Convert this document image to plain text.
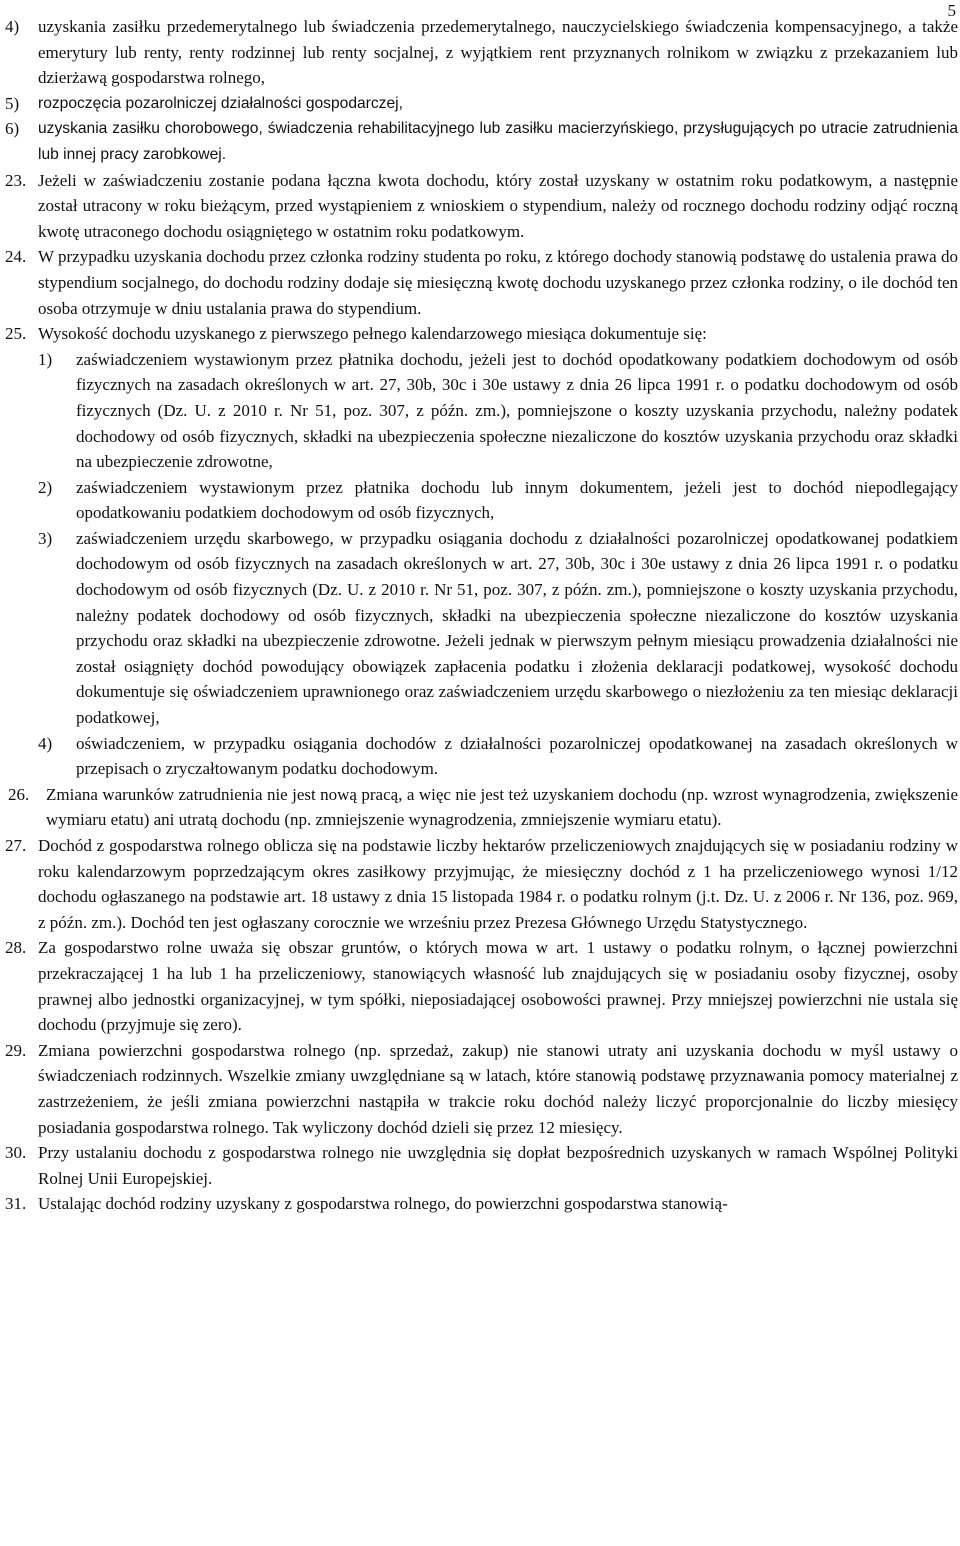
5
4) uzyskania zasiłku przedemerytalnego lub świadczenia przedemerytalnego, nauczycielskiego świadczenia kompensacyjnego, a także emerytury lub renty, renty rodzinnej lub renty socjalnej, z wyjątkiem rent przyznanych rolnikom w związku z przekazaniem lub dzierżawą gospodarstwa rolnego,
5) rozpoczęcia pozarolniczej działalności gospodarczej,
6) uzyskania zasiłku chorobowego, świadczenia rehabilitacyjnego lub zasiłku macierzyńskiego, przysługujących po utracie zatrudnienia lub innej pracy zarobkowej.
23. Jeżeli w zaświadczeniu zostanie podana łączna kwota dochodu, który został uzyskany w ostatnim roku podatkowym, a następnie został utracony w roku bieżącym, przed wystąpieniem z wnioskiem o stypendium, należy od rocznego dochodu rodziny odjąć roczną kwotę utraconego dochodu osiągniętego w ostatnim roku podatkowym.
24. W przypadku uzyskania dochodu przez członka rodziny studenta po roku, z którego dochody stanowią podstawę do ustalenia prawa do stypendium socjalnego, do dochodu rodziny dodaje się miesięczną kwotę dochodu uzyskanego przez członka rodziny, o ile dochód ten osoba otrzymuje w dniu ustalania prawa do stypendium.
25. Wysokość dochodu uzyskanego z pierwszego pełnego kalendarzowego miesiąca dokumentuje się:
1) zaświadczeniem wystawionym przez płatnika dochodu, jeżeli jest to dochód opodatkowany podatkiem dochodowym od osób fizycznych na zasadach określonych w art. 27, 30b, 30c i 30e ustawy z dnia 26 lipca 1991 r. o podatku dochodowym od osób fizycznych (Dz. U. z 2010 r. Nr 51, poz. 307, z późn. zm.), pomniejszone o koszty uzyskania przychodu, należny podatek dochodowy od osób fizycznych, składki na ubezpieczenia społeczne niezaliczone do kosztów uzyskania przychodu oraz składki na ubezpieczenie zdrowotne,
2) zaświadczeniem wystawionym przez płatnika dochodu lub innym dokumentem, jeżeli jest to dochód niepodlegający opodatkowaniu podatkiem dochodowym od osób fizycznych,
3) zaświadczeniem urzędu skarbowego, w przypadku osiągania dochodu z działalności pozarolniczej opodatkowanej podatkiem dochodowym od osób fizycznych na zasadach określonych w art. 27, 30b, 30c i 30e ustawy z dnia 26 lipca 1991 r. o podatku dochodowym od osób fizycznych (Dz. U. z 2010 r. Nr 51, poz. 307, z późn. zm.), pomniejszone o koszty uzyskania przychodu, należny podatek dochodowy od osób fizycznych, składki na ubezpieczenia społeczne niezaliczone do kosztów uzyskania przychodu oraz składki na ubezpieczenie zdrowotne. Jeżeli jednak w pierwszym pełnym miesiącu prowadzenia działalności nie został osiągnięty dochód powodujący obowiązek zapłacenia podatku i złożenia deklaracji podatkowej, wysokość dochodu dokumentuje się oświadczeniem uprawnionego oraz zaświadczeniem urzędu skarbowego o niezłożeniu za ten miesiąc deklaracji podatkowej,
4) oświadczeniem, w przypadku osiągania dochodów z działalności pozarolniczej opodatkowanej na zasadach określonych w przepisach o zryczałtowanym podatku dochodowym.
26. Zmiana warunków zatrudnienia nie jest nową pracą, a więc nie jest też uzyskaniem dochodu (np. wzrost wynagrodzenia, zwiększenie wymiaru etatu) ani utratą dochodu (np. zmniejszenie wynagrodzenia, zmniejszenie wymiaru etatu).
27. Dochód z gospodarstwa rolnego oblicza się na podstawie liczby hektarów przeliczeniowych znajdujących się w posiadaniu rodziny w roku kalendarzowym poprzedzającym okres zasiłkowy przyjmując, że miesięczny dochód z 1 ha przeliczeniowego wynosi 1/12 dochodu ogłaszanego na podstawie art. 18 ustawy z dnia 15 listopada 1984 r. o podatku rolnym (j.t. Dz. U. z 2006 r. Nr 136, poz. 969, z późn. zm.). Dochód ten jest ogłaszany corocznie we wrześniu przez Prezesa Głównego Urzędu Statystycznego.
28. Za gospodarstwo rolne uważa się obszar gruntów, o których mowa w art. 1 ustawy o podatku rolnym, o łącznej powierzchni przekraczającej 1 ha lub 1 ha przeliczeniowy, stanowiących własność lub znajdujących się w posiadaniu osoby fizycznej, osoby prawnej albo jednostki organizacyjnej, w tym spółki, nieposiadającej osobowości prawnej. Przy mniejszej powierzchni nie ustala się dochodu (przyjmuje się zero).
29. Zmiana powierzchni gospodarstwa rolnego (np. sprzedaż, zakup) nie stanowi utraty ani uzyskania dochodu w myśl ustawy o świadczeniach rodzinnych. Wszelkie zmiany uwzględniane są w latach, które stanowią podstawę przyznawania pomocy materialnej z zastrzeżeniem, że jeśli zmiana powierzchni nastąpiła w trakcie roku dochód należy liczyć proporcjonalnie do liczby miesięcy posiadania gospodarstwa rolnego. Tak wyliczony dochód dzieli się przez 12 miesięcy.
30. Przy ustalaniu dochodu z gospodarstwa rolnego nie uwzględnia się dopłat bezpośrednich uzyskanych w ramach Wspólnej Polityki Rolnej Unii Europejskiej.
31. Ustalając dochód rodziny uzyskany z gospodarstwa rolnego, do powierzchni gospodarstwa stanowią-
